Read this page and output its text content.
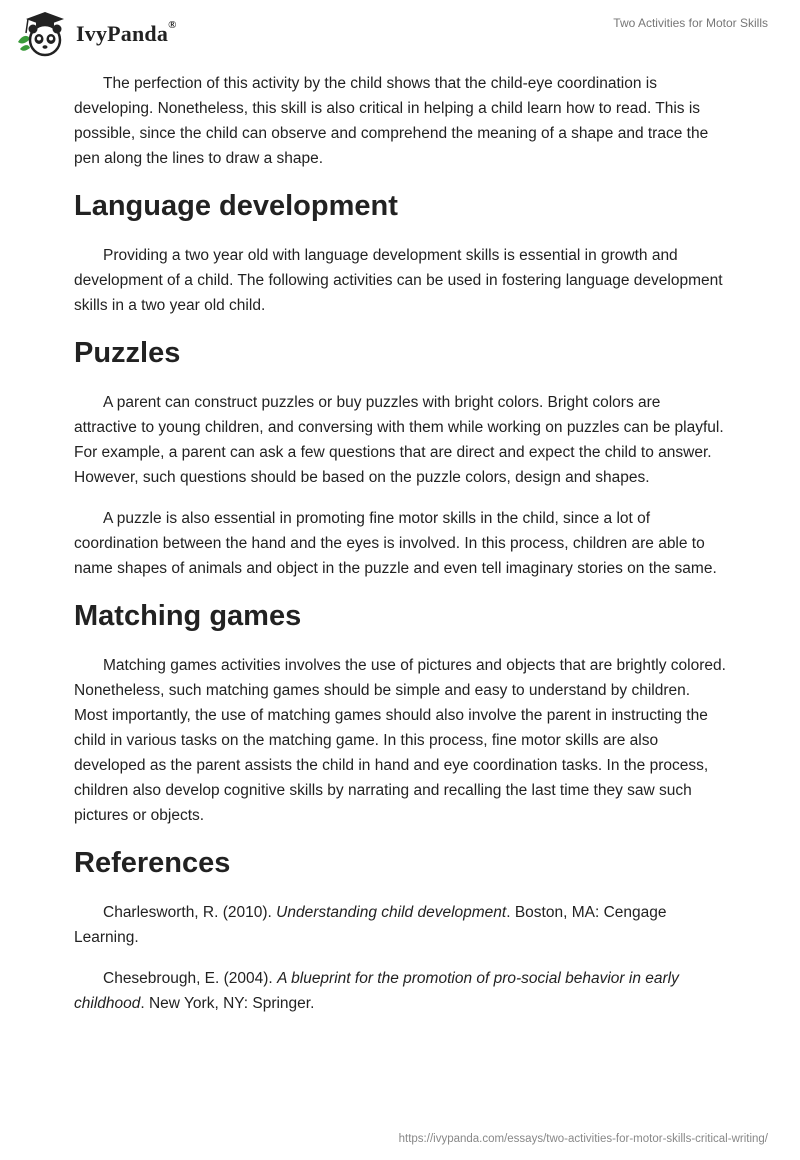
IvyPanda®	Two Activities for Motor Skills

The perfection of this activity by the child shows that the child-eye coordination is developing. Nonetheless, this skill is also critical in helping a child learn how to read. This is possible, since the child can observe and comprehend the meaning of a shape and trace the pen along the lines to draw a shape.

Language development

Providing a two year old with language development skills is essential in growth and development of a child. The following activities can be used in fostering language development skills in a two year old child.

Puzzles

A parent can construct puzzles or buy puzzles with bright colors. Bright colors are attractive to young children, and conversing with them while working on puzzles can be playful. For example, a parent can ask a few questions that are direct and expect the child to answer. However, such questions should be based on the puzzle colors, design and shapes.

A puzzle is also essential in promoting fine motor skills in the child, since a lot of coordination between the hand and the eyes is involved. In this process, children are able to name shapes of animals and object in the puzzle and even tell imaginary stories on the same.

Matching games

Matching games activities involves the use of pictures and objects that are brightly colored. Nonetheless, such matching games should be simple and easy to understand by children. Most importantly, the use of matching games should also involve the parent in instructing the child in various tasks on the matching game. In this process, fine motor skills are also developed as the parent assists the child in hand and eye coordination tasks. In the process, children also develop cognitive skills by narrating and recalling the last time they saw such pictures or objects.

References

Charlesworth, R. (2010). Understanding child development. Boston, MA: Cengage Learning.

Chesebrough, E. (2004). A blueprint for the promotion of pro-social behavior in early childhood. New York, NY: Springer.

https://ivypanda.com/essays/two-activities-for-motor-skills-critical-writing/
